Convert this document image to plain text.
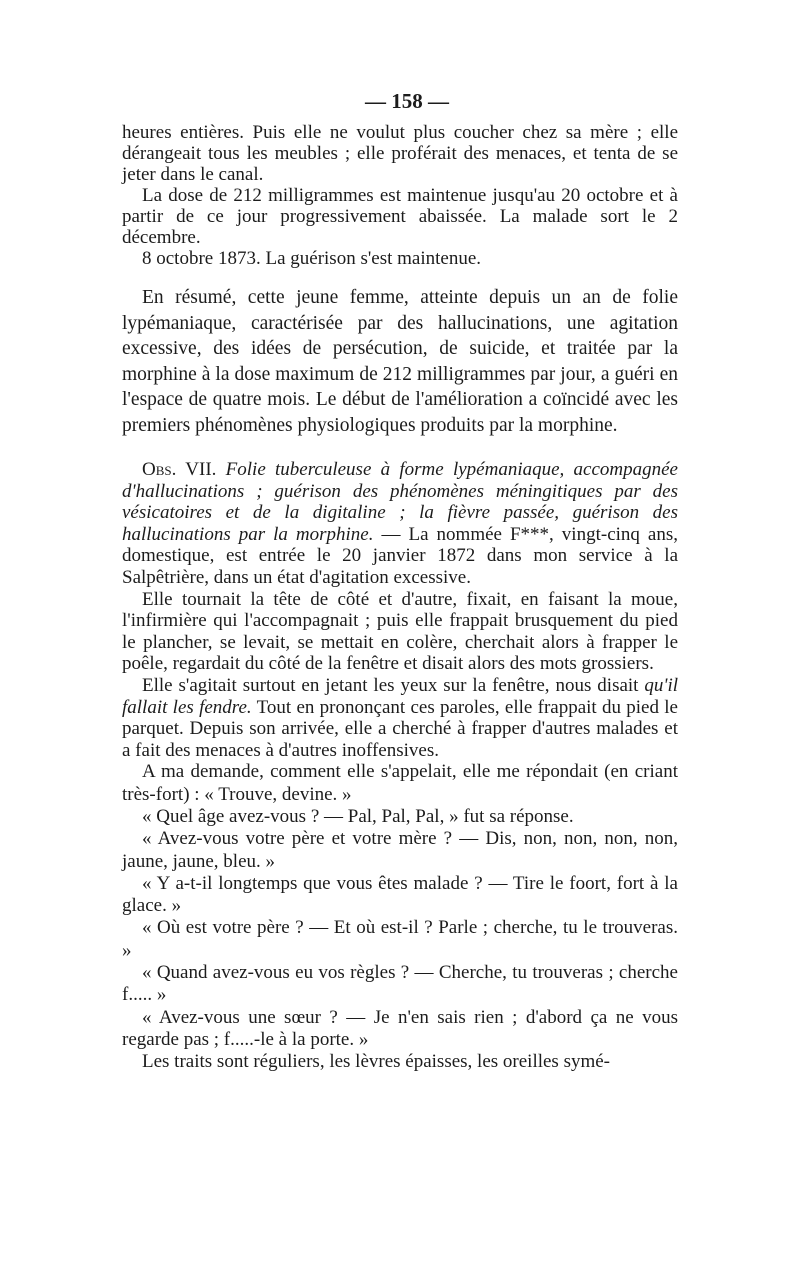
— 158 —

heures entières. Puis elle ne voulut plus coucher chez sa mère ; elle dérangeait tous les meubles ; elle proférait des menaces, et tenta de se jeter dans le canal.

La dose de 212 milligrammes est maintenue jusqu'au 20 octobre et à partir de ce jour progressivement abaissée. La malade sort le 2 décembre.

8 octobre 1873. La guérison s'est maintenue.

En résumé, cette jeune femme, atteinte depuis un an de folie lypémaniaque, caractérisée par des hallucinations, une agitation excessive, des idées de persécution, de suicide, et traitée par la morphine à la dose maximum de 212 milligrammes par jour, a guéri en l'espace de quatre mois. Le début de l'amélioration a coïncidé avec les premiers phénomènes physiologiques produits par la morphine.

Obs. VII. Folie tuberculeuse à forme lypémaniaque, accompagnée d'hallucinations ; guérison des phénomènes méningitiques par des vésicatoires et de la digitaline ; la fièvre passée, guérison des hallucinations par la morphine. — La nommée F***, vingt-cinq ans, domestique, est entrée le 20 janvier 1872 dans mon service à la Salpêtrière, dans un état d'agitation excessive.

Elle tournait la tête de côté et d'autre, fixait, en faisant la moue, l'infirmière qui l'accompagnait ; puis elle frappait brusquement du pied le plancher, se levait, se mettait en colère, cherchait alors à frapper le poêle, regardait du côté de la fenêtre et disait alors des mots grossiers.

Elle s'agitait surtout en jetant les yeux sur la fenêtre, nous disait qu'il fallait les fendre. Tout en prononçant ces paroles, elle frappait du pied le parquet. Depuis son arrivée, elle a cherché à frapper d'autres malades et a fait des menaces à d'autres inoffensives.

A ma demande, comment elle s'appelait, elle me répondait (en criant très-fort) : « Trouve, devine. »

« Quel âge avez-vous ? — Pal, Pal, Pal, » fut sa réponse.

« Avez-vous votre père et votre mère ? — Dis, non, non, non, non, jaune, jaune, bleu. »

« Y a-t-il longtemps que vous êtes malade ? — Tire le foort, fort à la glace. »

« Où est votre père ? — Et où est-il ? Parle ; cherche, tu le trouveras. »

« Quand avez-vous eu vos règles ? — Cherche, tu trouveras ; cherche f..... »

« Avez-vous une sœur ? — Je n'en sais rien ; d'abord ça ne vous regarde pas ; f.....-le à la porte. »

Les traits sont réguliers, les lèvres épaisses, les oreilles symé-
